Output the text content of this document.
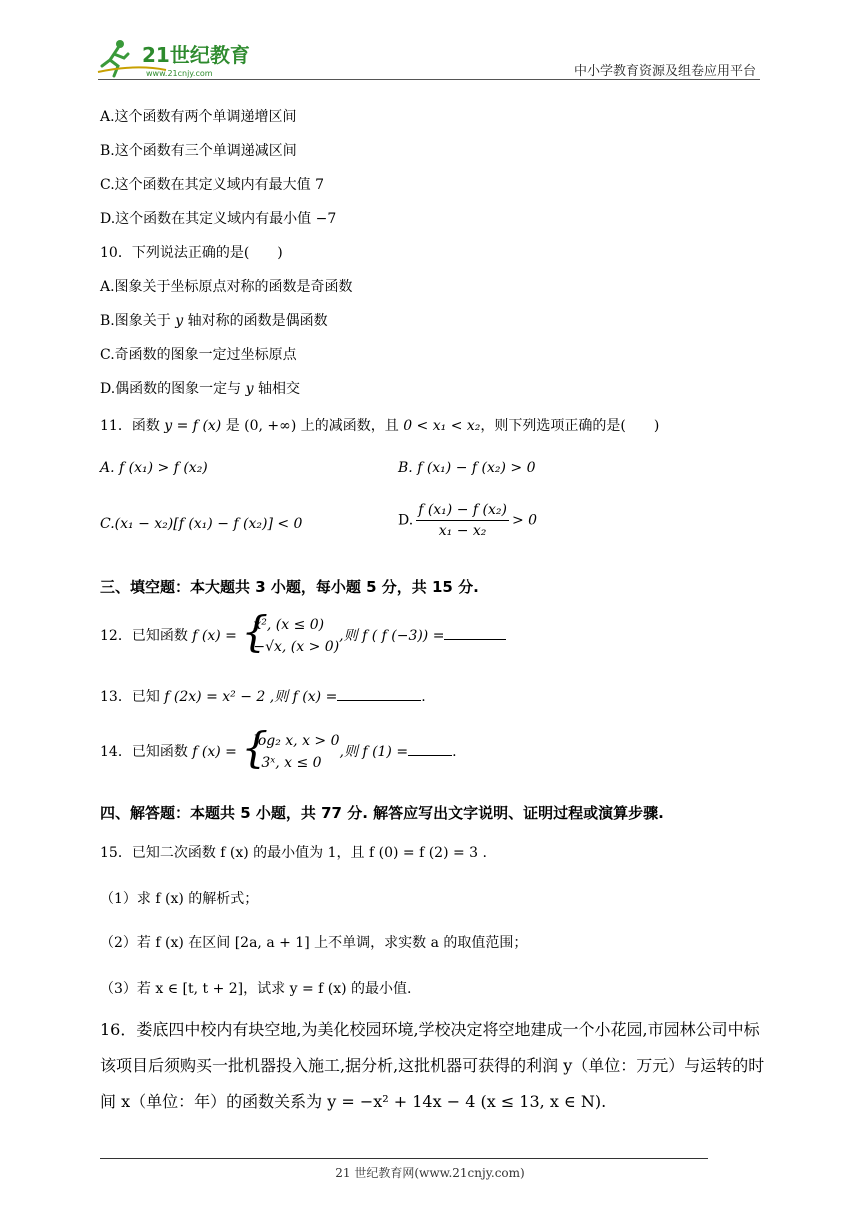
21世纪教育
www.21cnjy.com	中小学教育资源及组卷应用平台
A.这个函数有两个单调递增区间
B.这个函数有三个单调递减区间
C.这个函数在其定义域内有最大值 7
D.这个函数在其定义域内有最小值 −7
10．下列说法正确的是(　　)
A.图象关于坐标原点对称的函数是奇函数
B.图象关于 y 轴对称的函数是偶函数
C.奇函数的图象一定过坐标原点
D.偶函数的图象一定与 y 轴相交
11．函数 y = f (x) 是 (0, +∞) 上的减函数，且 0 < x₁ < x₂，则下列选项正确的是(　　)
A. f (x₁) > f (x₂)	B. f (x₁) − f (x₂) > 0
C.(x₁ − x₂)[f (x₁) − f (x₂)] < 0	D. $\frac{\text{f (x₁) − f (x₂)}}{\text{x₁ − x₂}} > 0$
三、填空题：本大题共 3 小题，每小题 5 分，共 15 分.
12．已知函数 f (x) = {
x², (x ≤ 0)
−√x, (x > 0)
,则 f ( f (−3)) =
13．已知 f (2x) = x² − 2 ,则 f (x) =	.
14．已知函数 f (x) = {
log₂ x, x > 0
3ˣ, x ≤ 0
,则 f (1) =	.
四、解答题：本题共 5 小题，共 77 分. 解答应写出文字说明、证明过程或演算步骤.
15．已知二次函数 f (x) 的最小值为 1，且 f (0) = f (2) = 3 .
（1）求 f (x) 的解析式；
（2）若 f (x) 在区间 [2a, a + 1] 上不单调，求实数 a 的取值范围；
（3）若 x ∈ [t, t + 2]，试求 y = f (x) 的最小值.
16．娄底四中校内有块空地,为美化校园环境,学校决定将空地建成一个小花园,市园林公司中标该项目后须购买一批机器投入施工,据分析,这批机器可获得的利润 y（单位：万元）与运转的时间 x（单位：年）的函数关系为 y = −x² + 14x − 4 (x ≤ 13, x ∈ N).
21 世纪教育网(www.21cnjy.com)
